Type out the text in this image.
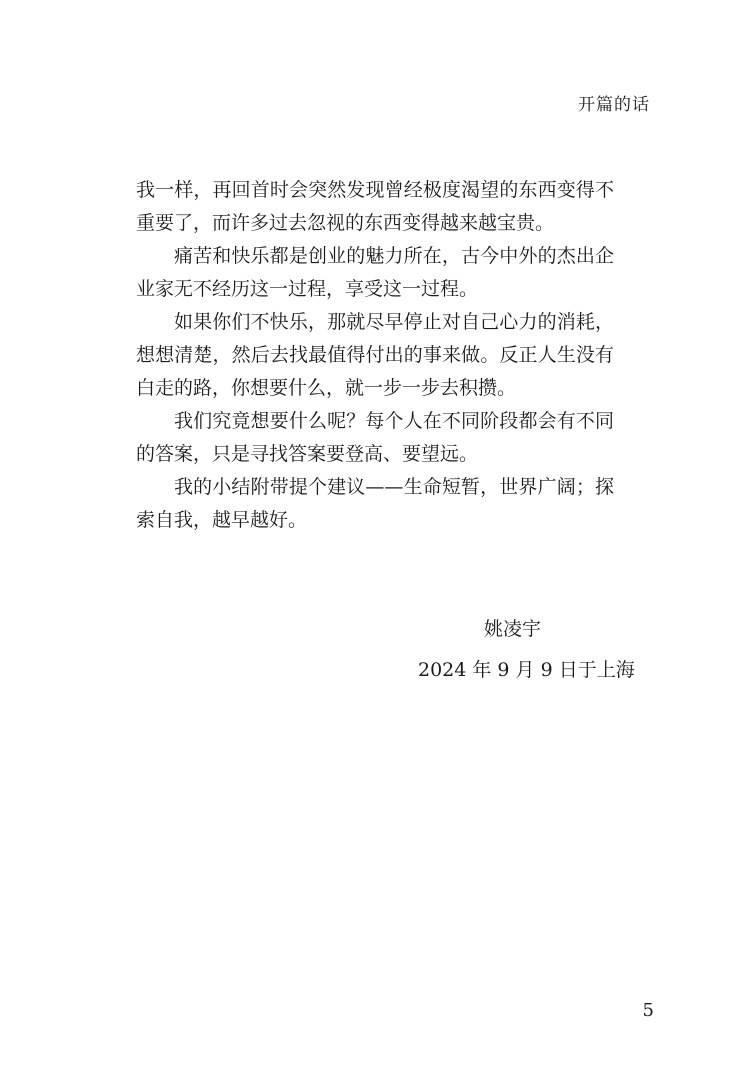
开篇的话

我一样，再回首时会突然发现曾经极度渴望的东西变得不重要了，而许多过去忽视的东西变得越来越宝贵。

痛苦和快乐都是创业的魅力所在，古今中外的杰出企业家无不经历这一过程，享受这一过程。

如果你们不快乐，那就尽早停止对自己心力的消耗，想想清楚，然后去找最值得付出的事来做。反正人生没有白走的路，你想要什么，就一步一步去积攒。

我们究竟想要什么呢？每个人在不同阶段都会有不同的答案，只是寻找答案要登高、要望远。

我的小结附带提个建议——生命短暂，世界广阔；探索自我，越早越好。

姚凌宇
2024 年 9 月 9 日于上海
5
